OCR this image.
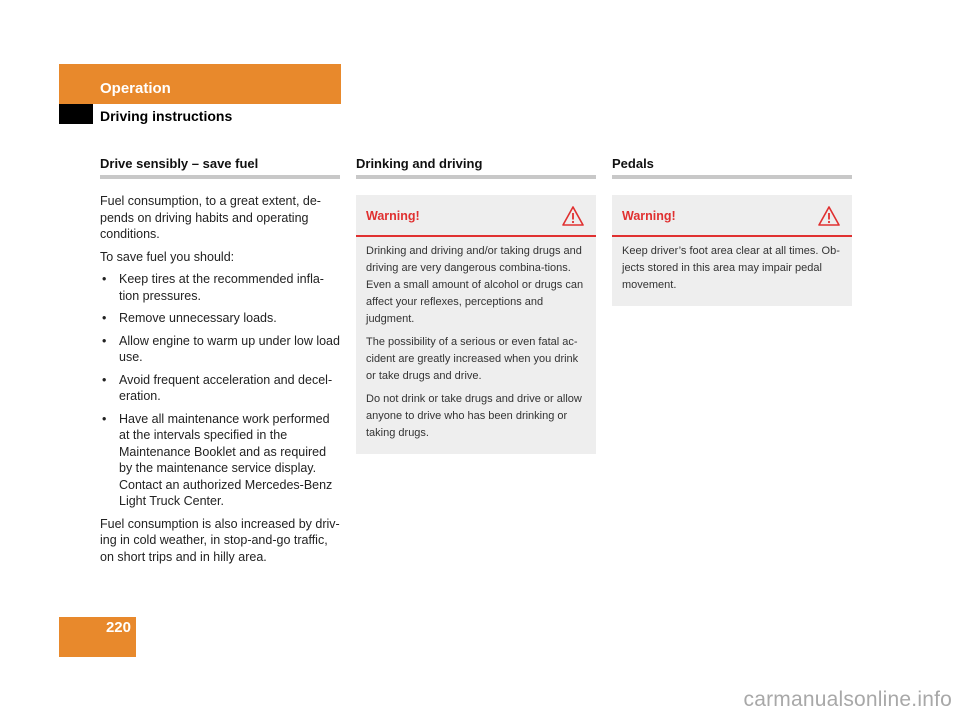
Operation
Driving instructions
Drive sensibly – save fuel

Fuel consumption, to a great extent, de-pends on driving habits and operating conditions.

To save fuel you should:

• Keep tires at the recommended infla-tion pressures.
• Remove unnecessary loads.
• Allow engine to warm up under low load use.
• Avoid frequent acceleration and decel-eration.
• Have all maintenance work performed at the intervals specified in the Maintenance Booklet and as required by the maintenance service display. Contact an authorized Mercedes-Benz Light Truck Center.

Fuel consumption is also increased by driv-ing in cold weather, in stop-and-go traffic, on short trips and in hilly area.

Drinking and driving
Warning!

Drinking and driving and/or taking drugs and driving are very dangerous combina-tions. Even a small amount of alcohol or drugs can affect your reflexes, perceptions and judgment.

The possibility of a serious or even fatal ac-cident are greatly increased when you drink or take drugs and drive.

Do not drink or take drugs and drive or allow anyone to drive who has been drinking or taking drugs.

Pedals
Warning!

Keep driver’s foot area clear at all times. Ob-jects stored in this area may impair pedal movement.

220
carmanualsonline.info
